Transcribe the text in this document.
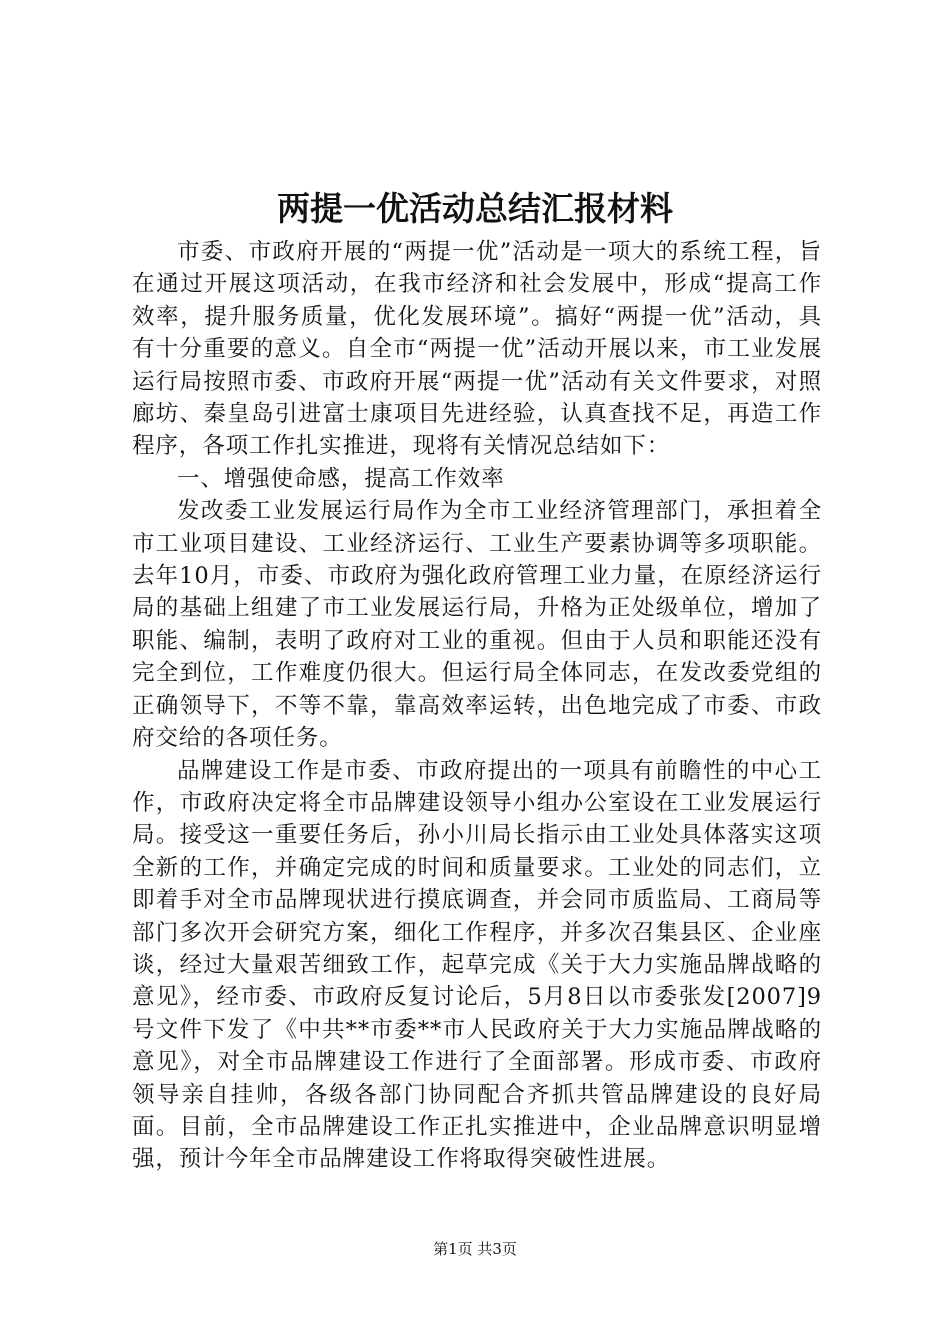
两提一优活动总结汇报材料

市委、市政府开展的“两提一优”活动是一项大的系统工程，旨在通过开展这项活动，在我市经济和社会发展中，形成“提高工作效率，提升服务质量，优化发展环境”。搞好“两提一优”活动，具有十分重要的意义。自全市“两提一优”活动开展以来，市工业发展运行局按照市委、市政府开展“两提一优”活动有关文件要求，对照廊坊、秦皇岛引进富士康项目先进经验，认真查找不足，再造工作程序，各项工作扎实推进，现将有关情况总结如下：

一、增强使命感，提高工作效率

发改委工业发展运行局作为全市工业经济管理部门，承担着全市工业项目建设、工业经济运行、工业生产要素协调等多项职能。去年10月，市委、市政府为强化政府管理工业力量，在原经济运行局的基础上组建了市工业发展运行局，升格为正处级单位，增加了职能、编制，表明了政府对工业的重视。但由于人员和职能还没有完全到位，工作难度仍很大。但运行局全体同志，在发改委党组的正确领导下，不等不靠，靠高效率运转，出色地完成了市委、市政府交给的各项任务。

品牌建设工作是市委、市政府提出的一项具有前瞻性的中心工作，市政府决定将全市品牌建设领导小组办公室设在工业发展运行局。接受这一重要任务后，孙小川局长指示由工业处具体落实这项全新的工作，并确定完成的时间和质量要求。工业处的同志们，立即着手对全市品牌现状进行摸底调查，并会同市质监局、工商局等部门多次开会研究方案，细化工作程序，并多次召集县区、企业座谈，经过大量艰苦细致工作，起草完成《关于大力实施品牌战略的意见》，经市委、市政府反复讨论后，5月8日以市委张发[2007]9号文件下发了《中共**市委**市人民政府关于大力实施品牌战略的意见》，对全市品牌建设工作进行了全面部署。形成市委、市政府领导亲自挂帅，各级各部门协同配合齐抓共管品牌建设的良好局面。目前，全市品牌建设工作正扎实推进中，企业品牌意识明显增强，预计今年全市品牌建设工作将取得突破性进展。

第1页 共3页
